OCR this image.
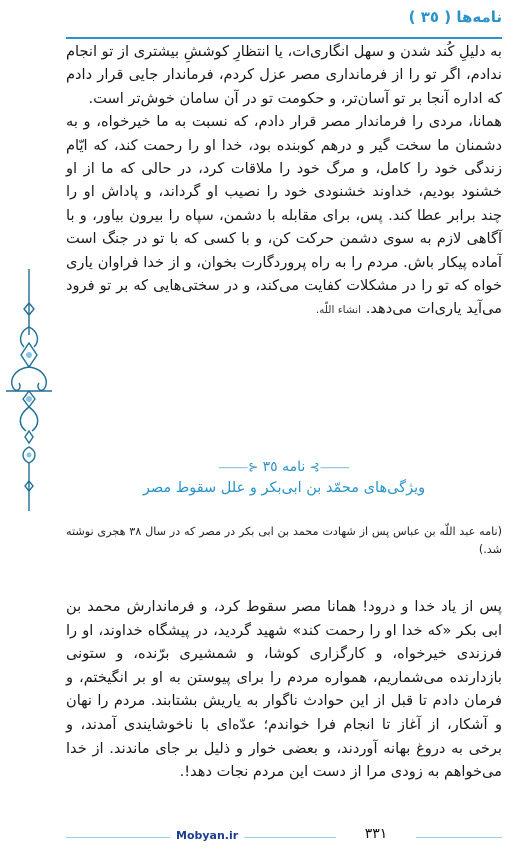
نامه‌ها ( ٣٥ )

به دلیلِ کُند شدن و سهل انگاری‌ات، یا انتظارِ کوششِ بیشتری از تو انجام ندادم، اگر تو را از فرمانداری مصر عزل کردم، فرماندار جایی قرار دادم که اداره آنجا بر تو آسان‌تر، و حکومت تو در آن سامان خوش‌تر است.

همانا، مردی را فرماندار مصر قرار دادم، که نسبت به ما خیرخواه، و به دشمنان ما سخت گیر و درهم کوبنده بود، خدا او را رحمت کند، که ایّام زندگی خود را کامل، و مرگ خود را ملاقات کرد، در حالی که ما از او خشنود بودیم، خداوند خشنودی خود را نصیب او گرداند، و پاداش او را چند برابر عطا کند. پس، برای مقابله با دشمن، سپاه را بیرون بیاور، و با آگاهی لازم به سوی دشمن حرکت کن، و با کسی که با تو در جنگ است آماده پیکار باش. مردم را به راه پروردگارت بخوان، و از خدا فراوان یاری خواه که تو را در مشکلات کفایت می‌کند، و در سختی‌هایی که بر تو فرود می‌آید یاری‌ات می‌دهد. انشاء اللّه.

⸻⊱ نامه ٣٥ ⊰⸻
ویژگی‌های محمّد بن ابی‌بکر و علل سقوط مصر
(نامه عبد اللّه بن عباس پس از شهادت محمد بن ابی بکر در مصر که در سال ٣٨ هجری نوشته شد.)

پس از یاد خدا و درود! همانا مصر سقوط کرد، و فرماندارش محمد بن ابی بکر «که خدا او را رحمت کند» شهید گردید، در پیشگاه خداوند، او را فرزندی خیرخواه، و کارگزاری کوشا، و شمشیری برّنده، و ستونی بازدارنده می‌شماریم، همواره مردم را برای پیوستن به او بر انگیختم، و فرمان دادم تا قبل از این حوادث ناگوار به یاریش بشتابند. مردم را نهان و آشکار، از آغاز تا انجام فرا خواندم؛ عدّه‌ای با ناخوشایندی آمدند، و برخی به دروغ بهانه آوردند، و بعضی خوار و ذلیل بر جای ماندند. از خدا می‌خواهم به زودی مرا از دست این مردم نجات دهد!.

Mobyan.ir	٣٣١
